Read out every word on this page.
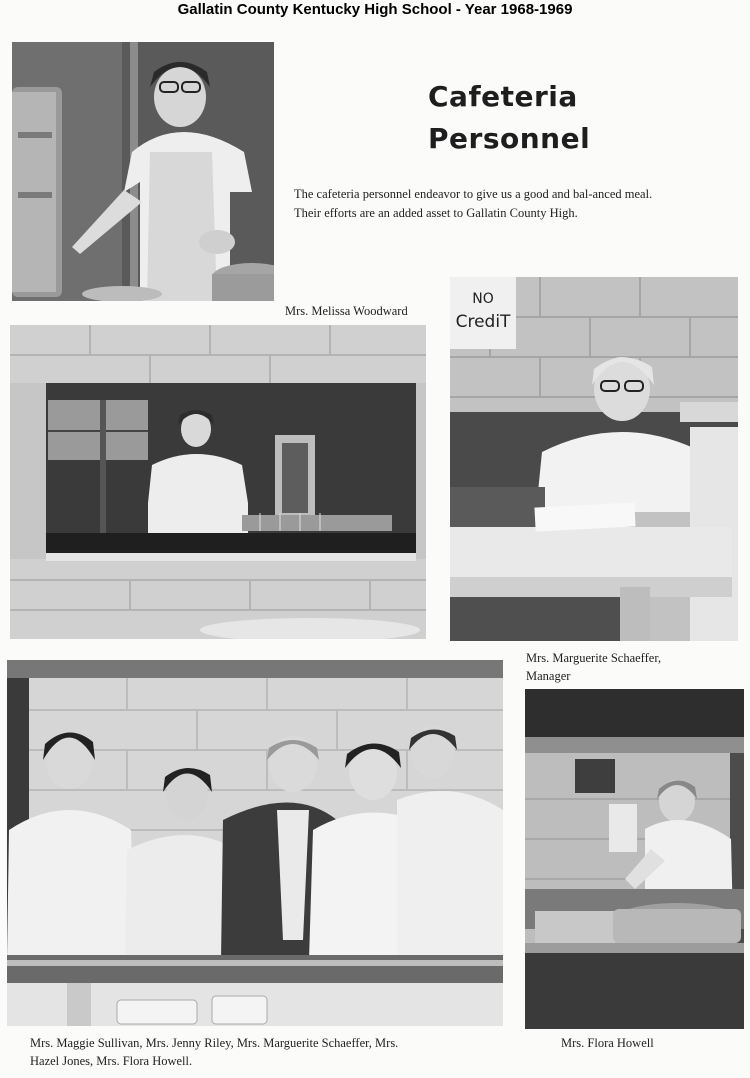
Gallatin County Kentucky High School - Year 1968-1969
Cafeteria
Personnel
The cafeteria personnel endeavor to give us a good and bal-anced meal. Their efforts are an added asset to Gallatin County High.
Mrs. Melissa Woodward
NO
CrediT
Mrs. Marguerite Schaeffer,
Manager
Mrs. Maggie Sullivan, Mrs. Jenny Riley, Mrs. Marguerite Schaeffer, Mrs.
Hazel Jones, Mrs. Flora Howell.
Mrs. Flora Howell
